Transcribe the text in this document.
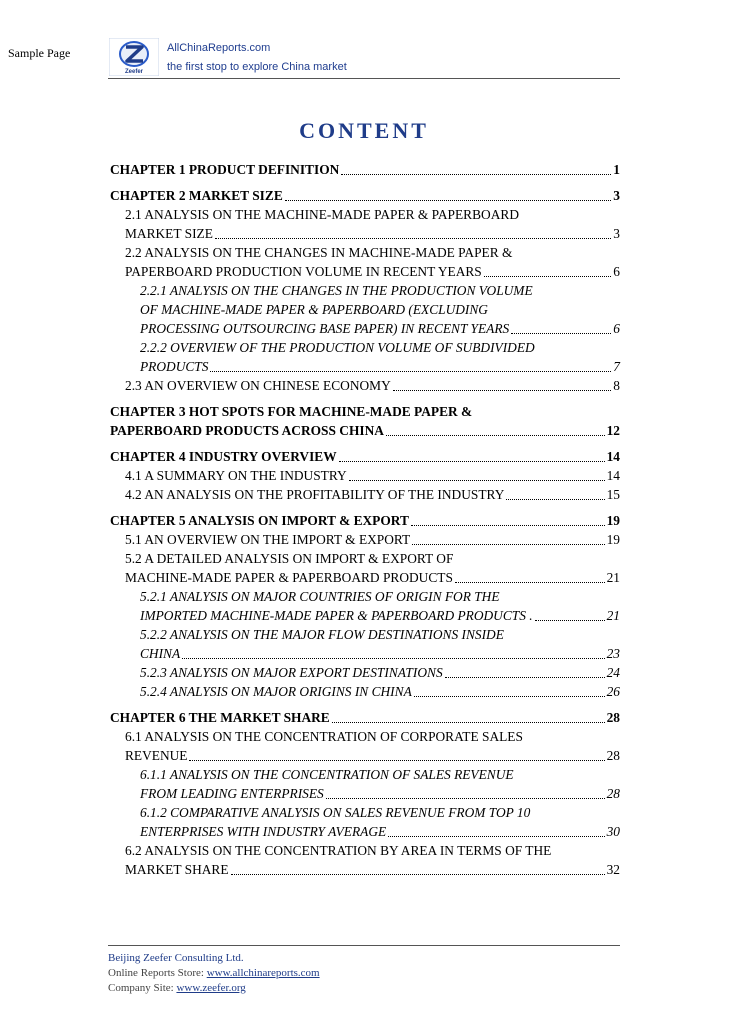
Sample Page
Zeefer
AllChinaReports.com
the first stop to explore China market
CONTENT
CHAPTER 1 PRODUCT DEFINITION	1
CHAPTER 2 MARKET SIZE	3
2.1 ANALYSIS ON THE MACHINE-MADE PAPER & PAPERBOARD
MARKET SIZE	3
2.2 ANALYSIS ON THE CHANGES IN MACHINE-MADE PAPER &
PAPERBOARD PRODUCTION VOLUME IN RECENT YEARS	6
2.2.1 ANALYSIS ON THE CHANGES IN THE PRODUCTION VOLUME
OF MACHINE-MADE PAPER & PAPERBOARD (EXCLUDING
PROCESSING OUTSOURCING BASE PAPER) IN RECENT YEARS	6
2.2.2 OVERVIEW OF THE PRODUCTION VOLUME OF SUBDIVIDED
PRODUCTS	7
2.3 AN OVERVIEW ON CHINESE ECONOMY	8
CHAPTER 3 HOT SPOTS FOR MACHINE-MADE PAPER &
PAPERBOARD PRODUCTS ACROSS CHINA	12
CHAPTER 4 INDUSTRY OVERVIEW	14
4.1 A SUMMARY ON THE INDUSTRY	14
4.2 AN ANALYSIS ON THE PROFITABILITY OF THE INDUSTRY	15
CHAPTER 5 ANALYSIS ON IMPORT & EXPORT	19
5.1 AN OVERVIEW ON THE IMPORT & EXPORT	19
5.2 A DETAILED ANALYSIS ON IMPORT & EXPORT OF
MACHINE-MADE PAPER & PAPERBOARD PRODUCTS	21
5.2.1 ANALYSIS ON MAJOR COUNTRIES OF ORIGIN FOR THE
IMPORTED MACHINE-MADE PAPER & PAPERBOARD PRODUCTS .	21
5.2.2 ANALYSIS ON THE MAJOR FLOW DESTINATIONS INSIDE
CHINA	23
5.2.3 ANALYSIS ON MAJOR EXPORT DESTINATIONS	24
5.2.4 ANALYSIS ON MAJOR ORIGINS IN CHINA	26
CHAPTER 6 THE MARKET SHARE	28
6.1 ANALYSIS ON THE CONCENTRATION OF CORPORATE SALES
REVENUE	28
6.1.1 ANALYSIS ON THE CONCENTRATION OF SALES REVENUE
FROM LEADING ENTERPRISES	28
6.1.2 COMPARATIVE ANALYSIS ON SALES REVENUE FROM TOP 10
ENTERPRISES WITH INDUSTRY AVERAGE	30
6.2 ANALYSIS ON THE CONCENTRATION BY AREA IN TERMS OF THE
MARKET SHARE	32
Beijing Zeefer Consulting Ltd.
Online Reports Store: www.allchinareports.com
Company Site: www.zeefer.org
